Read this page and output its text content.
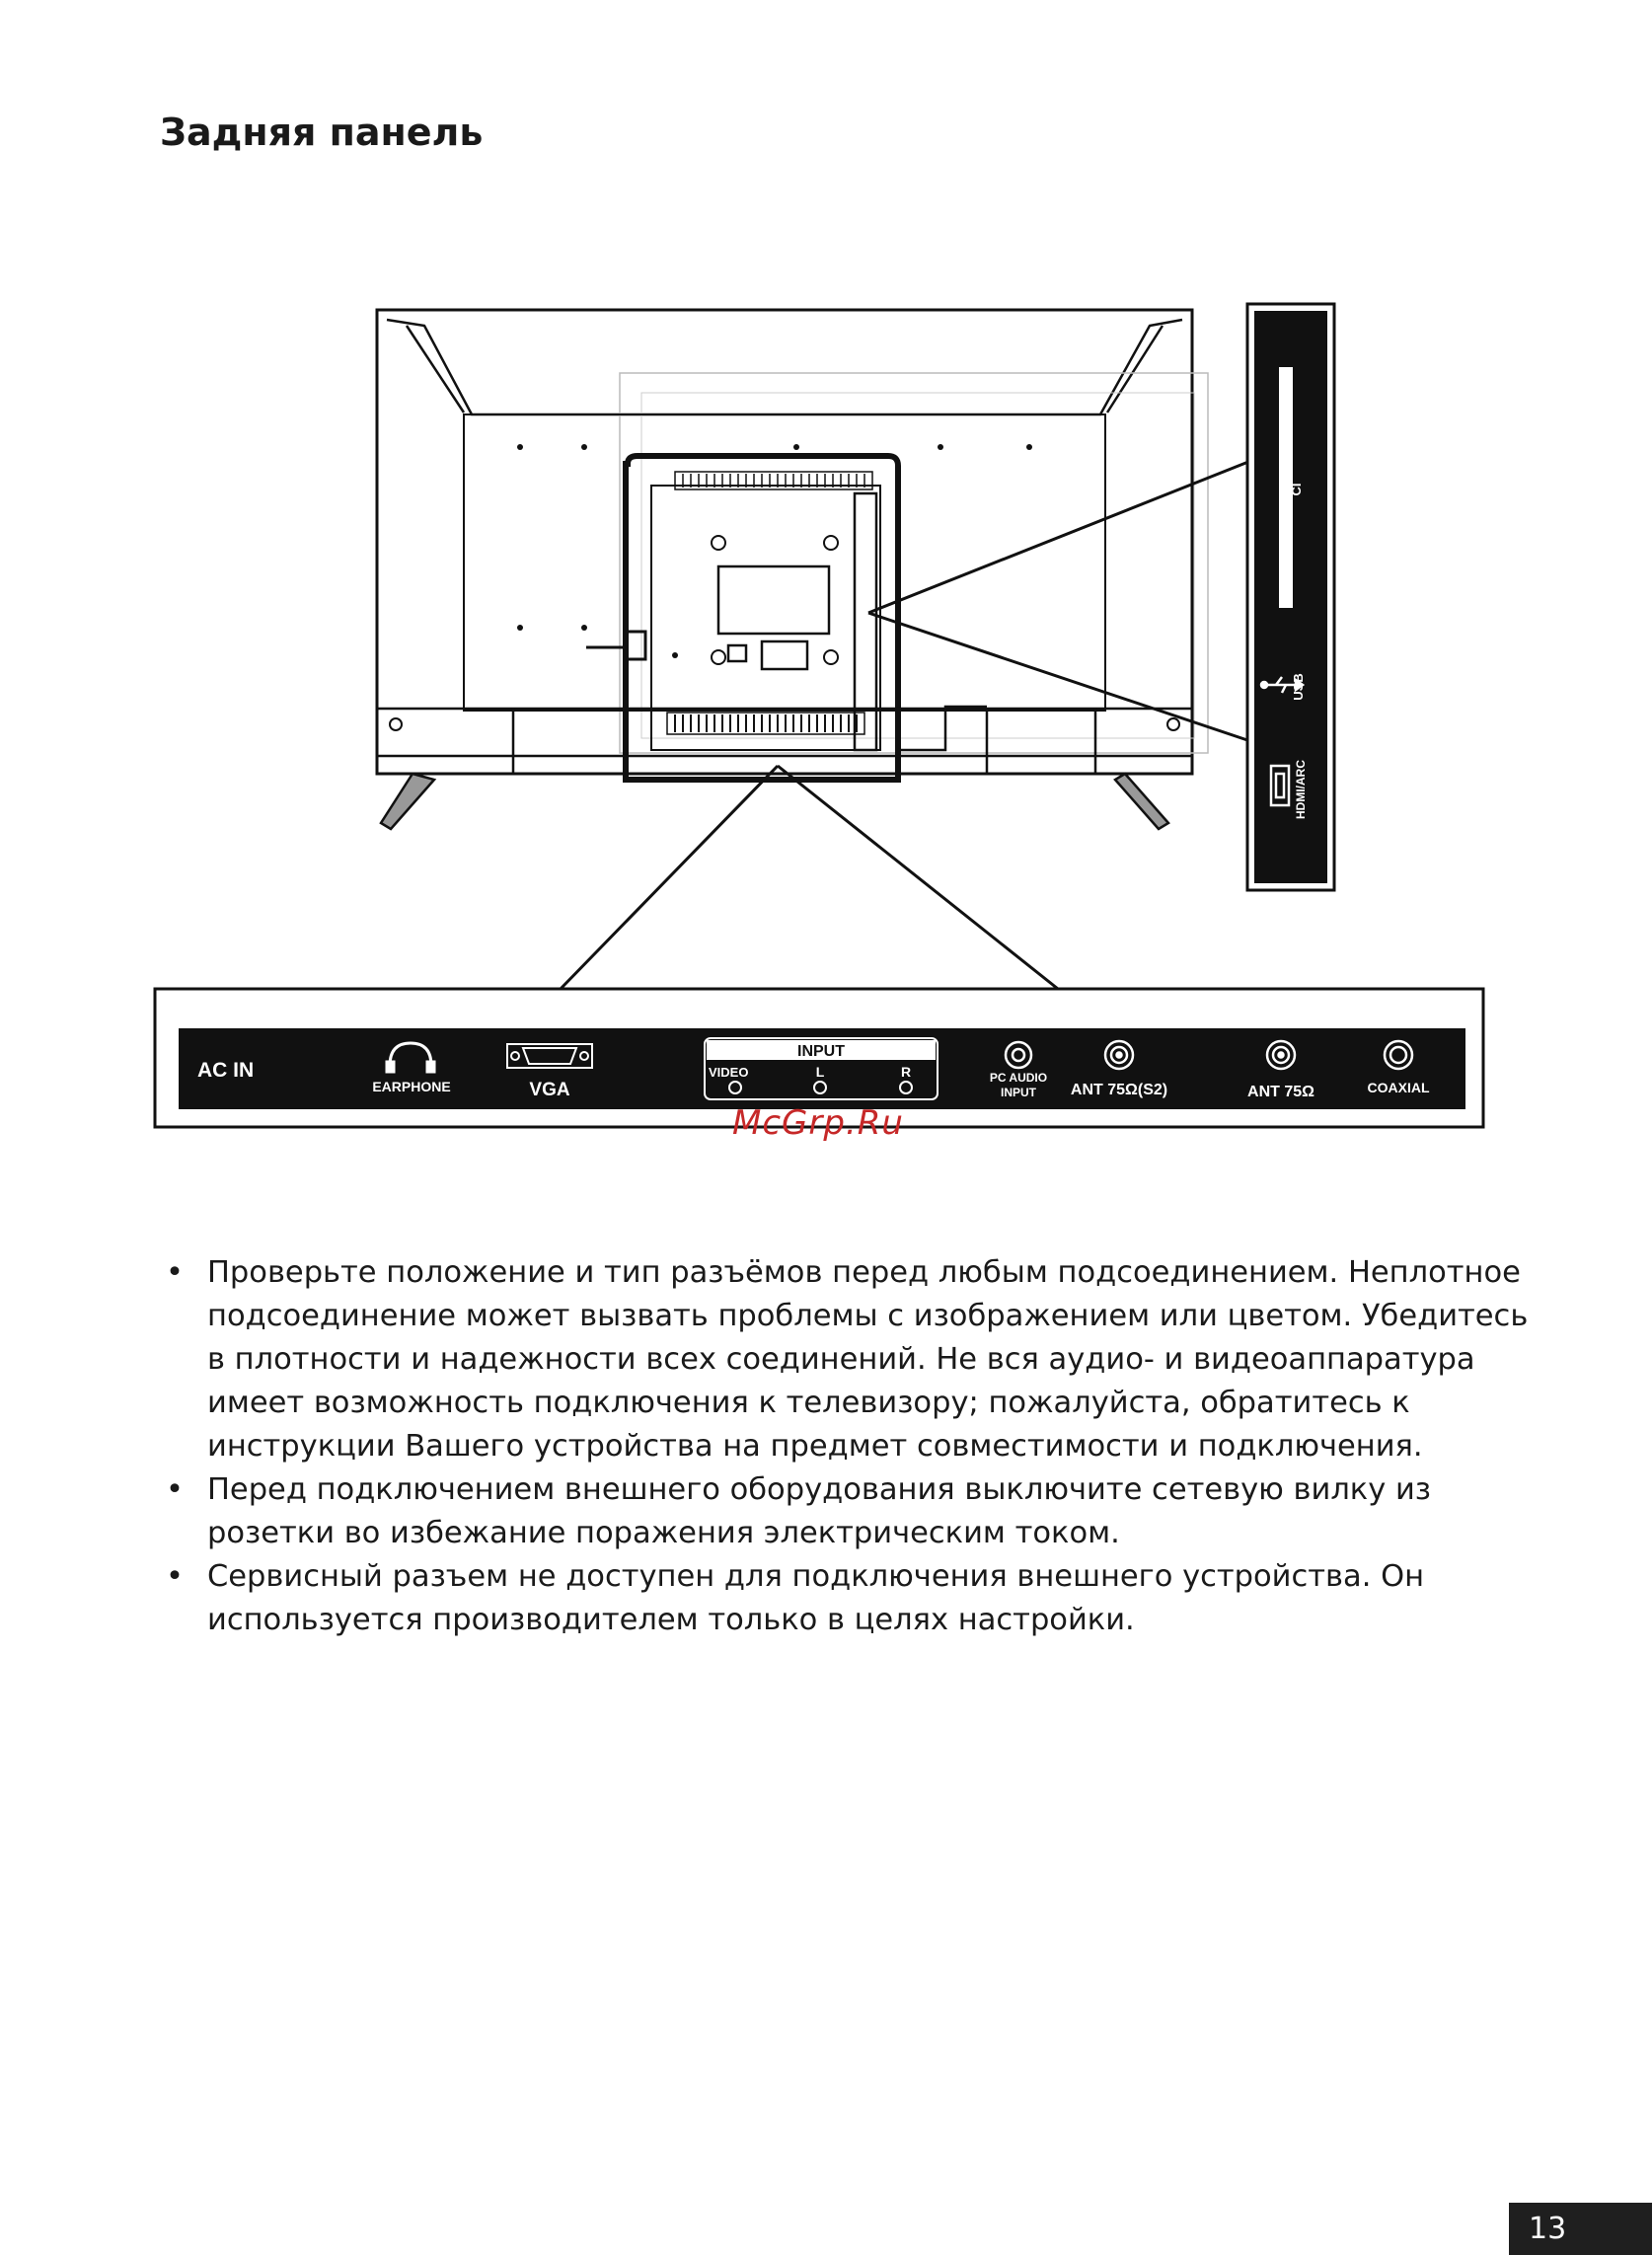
Задняя панель
CI
USB
HDMI/ARC
AC IN
EARPHONE	VGA
INPUT
VIDEO	L	R	PC AUDIO
INPUT ANT 75Ω(S2)	ANT 75Ω	COAXIAL
McGrp.Ru
• Проверьте положение и тип разъёмов перед любым подсоединением. Неплотное подсоединение может вызвать проблемы с изображением или цветом. Убедитесь в плотности и надежности всех соединений. Не вся аудио- и видеоаппаратура имеет возможность подключения к телевизору; пожалуйста, обратитесь к инструкции Вашего устройства на предмет совместимости и подключения.
• Перед подключением внешнего оборудования выключите сетевую вилку из розетки во избежание поражения электрическим током.
• Сервисный разъем не доступен для подключения внешнего устройства. Он используется производителем только в целях настройки.
13
